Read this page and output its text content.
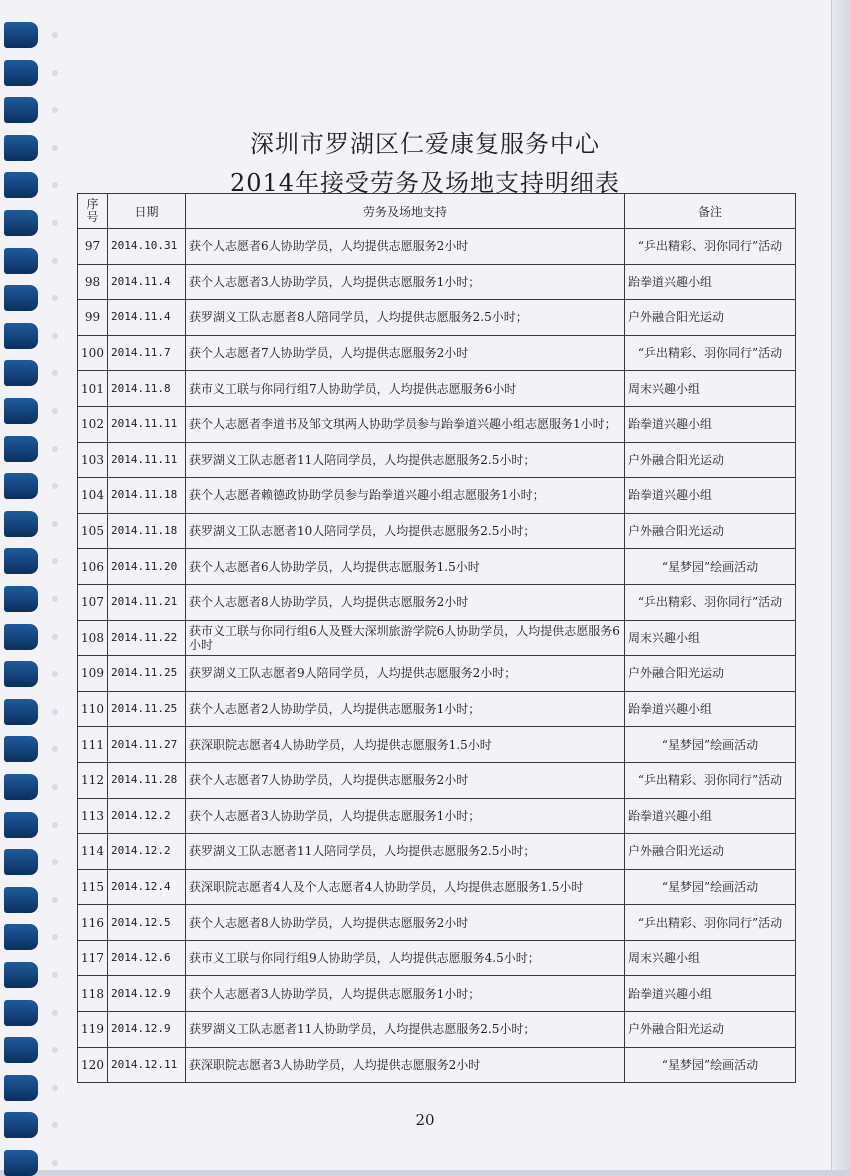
深圳市罗湖区仁爱康复服务中心
2014年接受劳务及场地支持明细表
序号	日期	劳务及场地支持	备注
97	2014.10.31	获个人志愿者6人协助学员，人均提供志愿服务2小时	“乒出精彩、羽你同行”活动
98	2014.11.4	获个人志愿者3人协助学员，人均提供志愿服务1小时；	跆拳道兴趣小组
99	2014.11.4	获罗湖义工队志愿者8人陪同学员，人均提供志愿服务2.5小时；	户外融合阳光运动
100	2014.11.7	获个人志愿者7人协助学员，人均提供志愿服务2小时	“乒出精彩、羽你同行”活动
101	2014.11.8	获市义工联与你同行组7人协助学员，人均提供志愿服务6小时	周末兴趣小组
102	2014.11.11	获个人志愿者李道书及邹文琪两人协助学员参与跆拳道兴趣小组志愿服务1小时；	跆拳道兴趣小组
103	2014.11.11	获罗湖义工队志愿者11人陪同学员，人均提供志愿服务2.5小时；	户外融合阳光运动
104	2014.11.18	获个人志愿者赖德政协助学员参与跆拳道兴趣小组志愿服务1小时；	跆拳道兴趣小组
105	2014.11.18	获罗湖义工队志愿者10人陪同学员，人均提供志愿服务2.5小时；	户外融合阳光运动
106	2014.11.20	获个人志愿者6人协助学员，人均提供志愿服务1.5小时	“星梦园”绘画活动
107	2014.11.21	获个人志愿者8人协助学员，人均提供志愿服务2小时	“乒出精彩、羽你同行”活动
108	2014.11.22	获市义工联与你同行组6人及暨大深圳旅游学院6人协助学员，人均提供志愿服务6小时	周末兴趣小组
109	2014.11.25	获罗湖义工队志愿者9人陪同学员，人均提供志愿服务2小时；	户外融合阳光运动
110	2014.11.25	获个人志愿者2人协助学员，人均提供志愿服务1小时；	跆拳道兴趣小组
111	2014.11.27	获深职院志愿者4人协助学员，人均提供志愿服务1.5小时	“星梦园”绘画活动
112	2014.11.28	获个人志愿者7人协助学员，人均提供志愿服务2小时	“乒出精彩、羽你同行”活动
113	2014.12.2	获个人志愿者3人协助学员，人均提供志愿服务1小时；	跆拳道兴趣小组
114	2014.12.2	获罗湖义工队志愿者11人陪同学员，人均提供志愿服务2.5小时；	户外融合阳光运动
115	2014.12.4	获深职院志愿者4人及个人志愿者4人协助学员，人均提供志愿服务1.5小时	“星梦园”绘画活动
116	2014.12.5	获个人志愿者8人协助学员，人均提供志愿服务2小时	“乒出精彩、羽你同行”活动
117	2014.12.6	获市义工联与你同行组9人协助学员，人均提供志愿服务4.5小时；	周末兴趣小组
118	2014.12.9	获个人志愿者3人协助学员，人均提供志愿服务1小时；	跆拳道兴趣小组
119	2014.12.9	获罗湖义工队志愿者11人协助学员，人均提供志愿服务2.5小时；	户外融合阳光运动
120	2014.12.11	获深职院志愿者3人协助学员，人均提供志愿服务2小时	“星梦园”绘画活动
20
